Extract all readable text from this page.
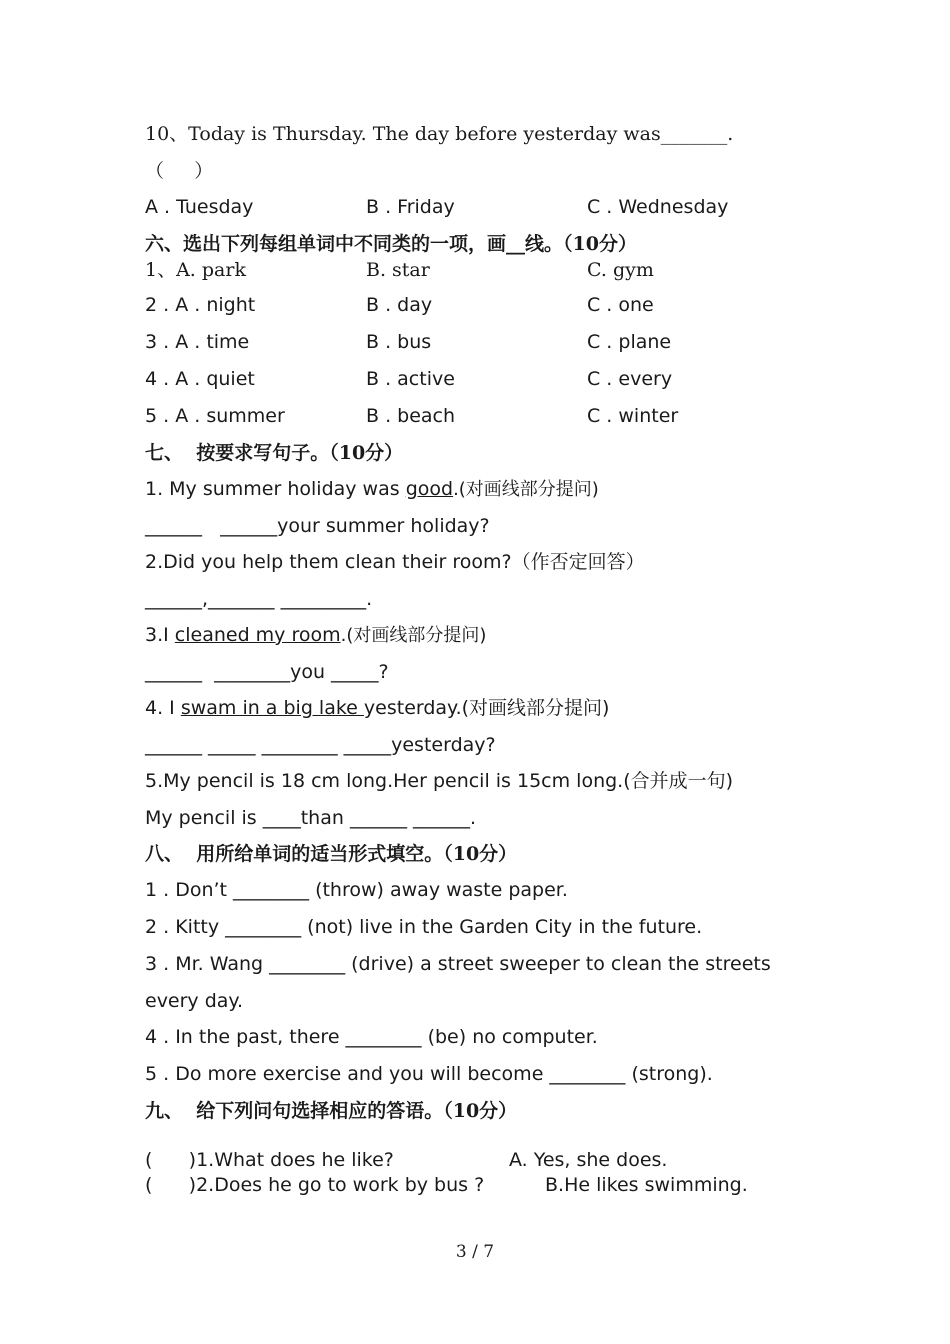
10、Today is Thursday. The day before yesterday was_______.
（     ）

A . Tuesday

	B . Friday

	C . Wednesday

六、选出下列每组单词中不同类的一项，画__线。（10分）

1、A. park

	B. star

	C. gym

2 . A . night

	B . day

	C . one

3 . A . time

	B . bus

	C . plane

4 . A . quiet

	B . active

	C . every

5 . A . summer

	B . beach

	C . winter

七、  按要求写句子。（10分）
1. My summer holiday was good.(对画线部分提问)
______   ______your summer holiday?
2.Did you help them clean their room?（作否定回答）
______,_______ _________.
3.I cleaned my room.(对画线部分提问)
______  ________you _____?
4. I swam in a big lake yesterday.(对画线部分提问)
______ _____ ________ _____yesterday?
5.My pencil is 18 cm long.Her pencil is 15cm long.(合并成一句)
My pencil is ____than ______ ______.
八、  用所给单词的适当形式填空。（10分）
1 . Don’t ________ (throw) away waste paper.
2 . Kitty ________ (not) live in the Garden City in the future.
3 . Mr. Wang ________ (drive) a street sweeper to clean the streets
every day.
4 . In the past, there ________ (be) no computer.
5 . Do more exercise and you will become ________ (strong).
九、  给下列问句选择相应的答语。（10分）

(      )1.What does he like?

	A. Yes, she does.

(      )2.Does he go to work by bus ?

	B.He likes swimming.

3 / 7
